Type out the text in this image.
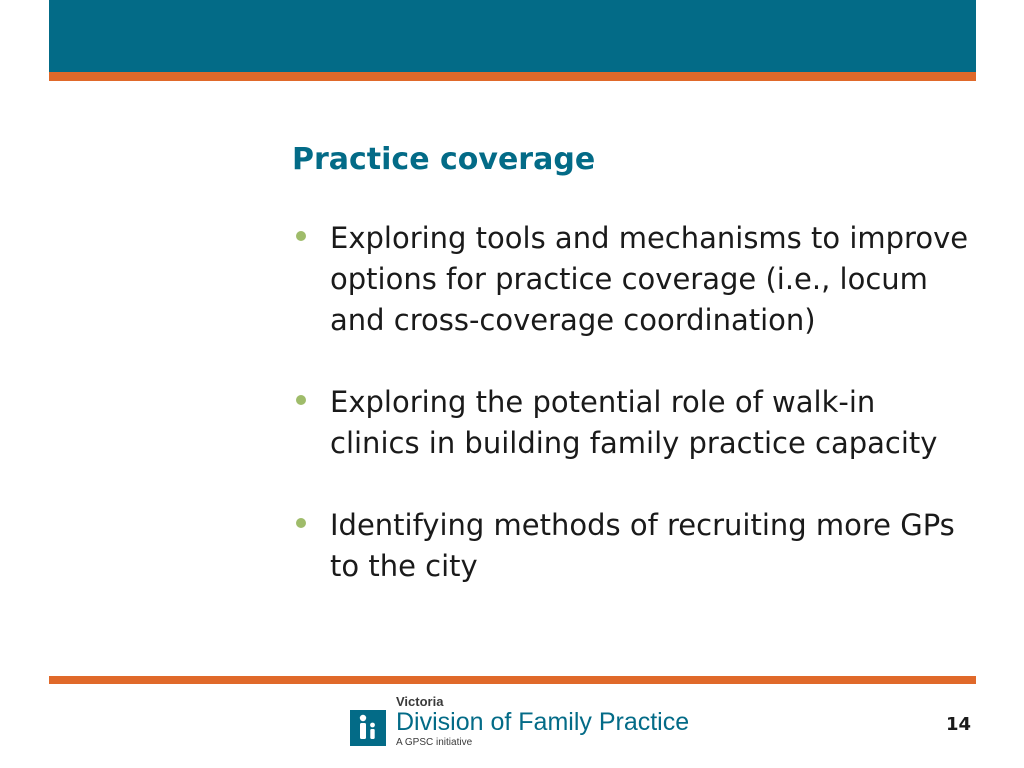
Practice coverage
Exploring tools and mechanisms to improve options for practice coverage (i.e., locum and cross-coverage coordination)
Exploring the potential role of walk-in clinics in building family practice capacity
Identifying methods of recruiting more GPs to the city
Victoria
Division of Family Practice
A GPSC initiative
14
